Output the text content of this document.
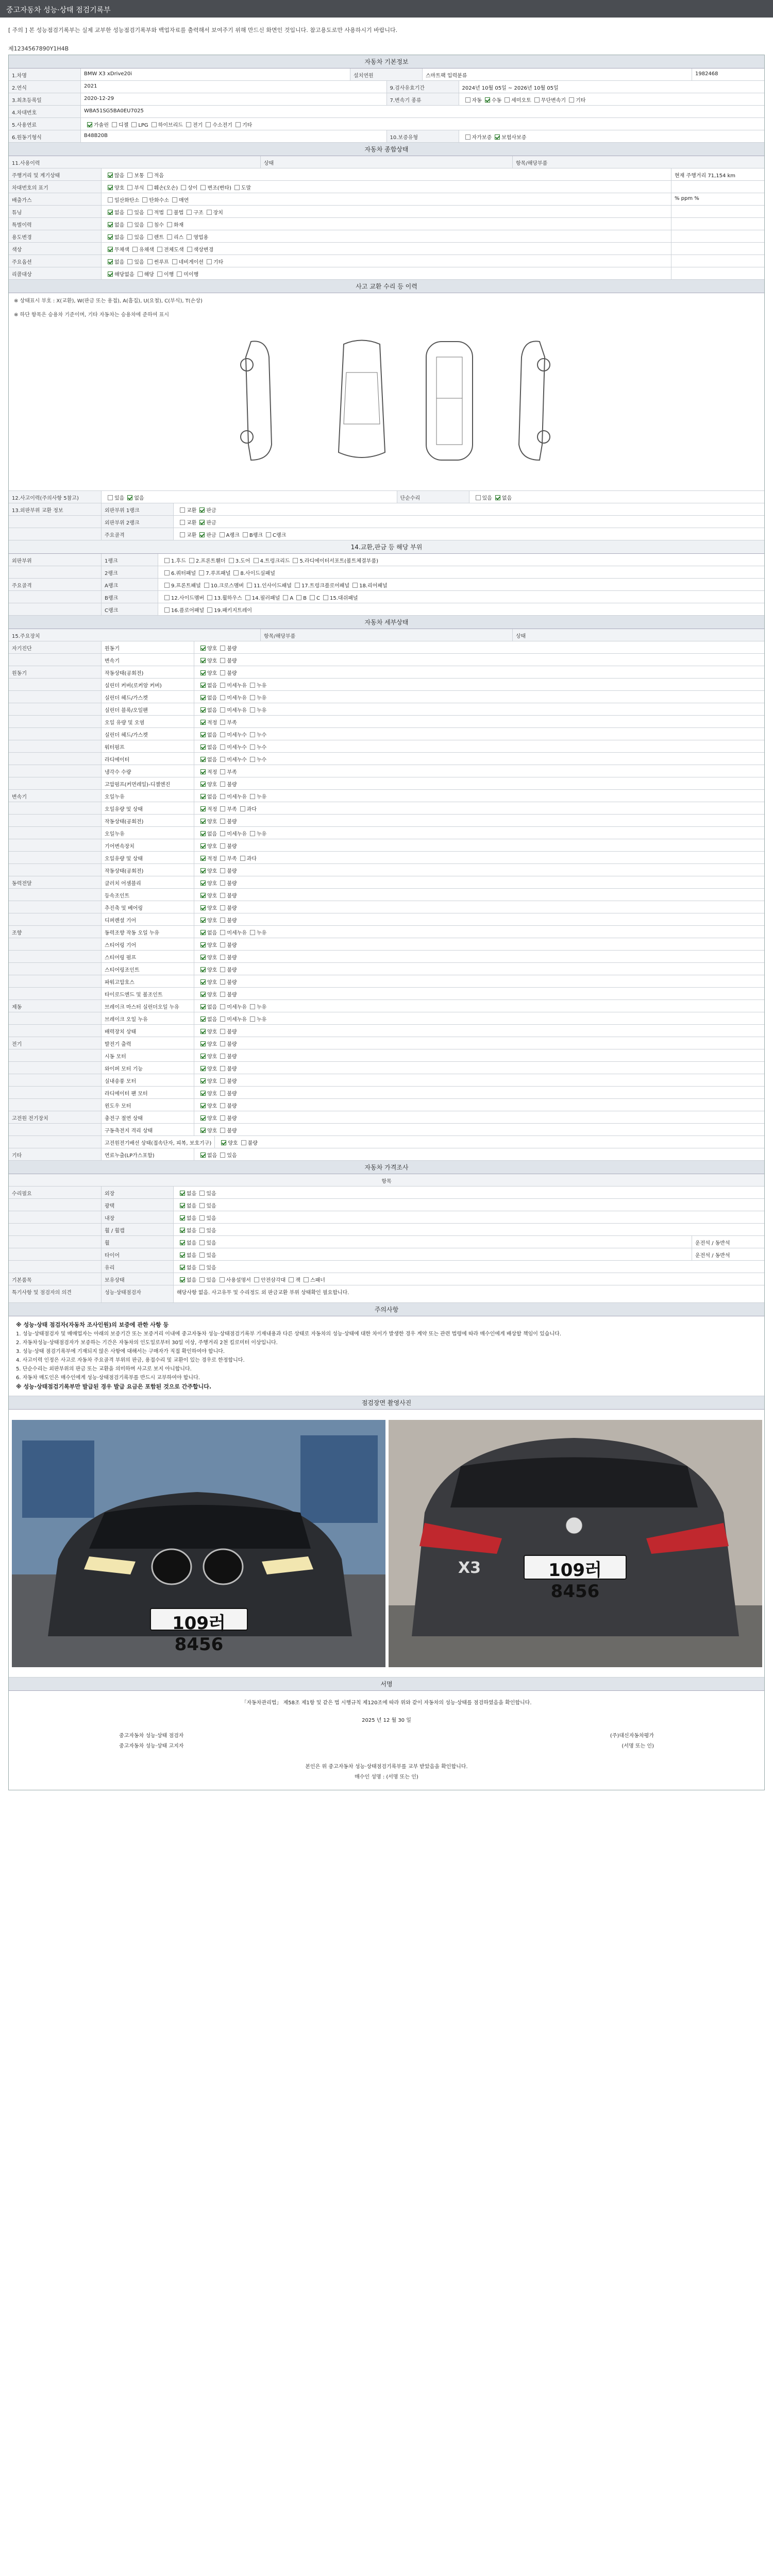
중고자동차 성능·상태 점검기록부
[ 주의 ] 본 성능점검기록부는 실제 교부한 성능점검기록부와 백업자료를 출력해서 보여주기 위해 만드신 화면인 것입니다. 참고용도로만 사용하시기 바랍니다.
제1234567890Y1H4B
자동차 기본정보
1.차명	BMW X3 xDrive20i	설치연원	스마트팩 입력분류	1982468
2.연식	2021	9.검사유효기간	2024년 10월 05일 ~ 2026년 10월 05일
3.최초등록일	2020-12-29	7.변속기 종류	자동 수동 세미오토 무단변속기 기타
4.차대번호	WBA51SG5BA0EU7025
5.사용연료	가솔린 디젤 LPG 하이브리드 전기 수소전기 기타
6.원동기형식	B48B20B	10.보증유형	자가보증 보험사보증
자동차 종합상태
11.사용이력	상태	항목/해당부품
주행거리 및 계기상태	많음 보통 적음	현재 주행거리 71,154 km
차대번호의 표기	양호 부식 훼손(오손) 상이 변조(변타) 도말
배출가스	일산화탄소 탄화수소 매연	% ppm %
튜닝	없음 있음 적법 불법 구조 장치
특별이력	없음 있음 침수 화재
용도변경	없음 있음 렌트 리스 영업용
색상	무채색 유채색 전체도색 색상변경
주요옵션	없음 있음 썬루프 네비게이션 기타
리콜대상	해당없음 해당 이행 미이행
사고 교환 수리 등 이력
※ 상태표시 부호 : X(교환), W(판금 또는 용접), A(흠집), U(요철), C(부식), T(손상)
※ 하단 항목은 승용차 기준이며, 기타 자동차는 승용차에 준하여 표시
12.사고이력(주의사항 5참고)	있음 없음	단순수리	있음 없음
13.외판부위 교환 정보	외판부위 1랭크	교환 판금
외판부위 2랭크	교환 판금
주요골격	교환 판금 A랭크 B랭크 C랭크
14.교환,판금 등 해당 부위
외판부위	1랭크	1.후드 2.프론트휀더 3.도어 4.트렁크리드 5.라디에이터서포트(볼트체결부품)
2랭크	6.쿼터패널 7.루프패널 8.사이드실패널
주요골격	A랭크	9.프론트패널 10.크로스멤버 11.인사이드패널 17.트렁크플로어패널 18.리어패널
B랭크	12.사이드멤버 13.휠하우스 14.필러패널 A B C 15.대쉬패널
C랭크	16.플로어패널 19.패키지트레이
자동차 세부상태
15.주요장치	항목/해당부품	상태
자기진단	원동기	양호 불량
변속기	양호 불량
원동기	작동상태(공회전)	양호 불량
실린더 커버(로커암 커버)	없음 미세누유 누유
실린더 헤드/가스켓	없음 미세누유 누유
실린더 블록/오일팬	없음 미세누유 누유
오일 유량 및 오염	적정 부족
실린더 헤드/가스켓	없음 미세누수 누수
워터펌프	없음 미세누수 누수
라디에이터	없음 미세누수 누수
냉각수 수량	적정 부족
고압펌프(커먼레일)-디젤엔진	양호 불량
변속기	오일누유	없음 미세누유 누유
오일유량 및 상태	적정 부족 과다
작동상태(공회전)	양호 불량
오일누유	없음 미세누유 누유
기어변속장치	양호 불량
오일유량 및 상태	적정 부족 과다
작동상태(공회전)	양호 불량
동력전달	클러치 어셈블리	양호 불량
등속조인트	양호 불량
추진축 및 베어링	양호 불량
디퍼렌셜 기어	양호 불량
조향	동력조향 작동 오일 누유	없음 미세누유 누유
스티어링 기어	양호 불량
스티어링 펌프	양호 불량
스티어링조인트	양호 불량
파워고압호스	양호 불량
타이로드엔드 및 볼조인트	양호 불량
제동	브레이크 마스터 실린더오일 누유	없음 미세누유 누유
브레이크 오일 누유	없음 미세누유 누유
배력장치 상태	양호 불량
전기	발전기 출력	양호 불량
시동 모터	양호 불량
와이퍼 모터 기능	양호 불량
실내송풍 모터	양호 불량
라디에이터 팬 모터	양호 불량
윈도우 모터	양호 불량
고전원 전기장치	충전구 절연 상태	양호 불량
구동축전지 격리 상태	양호 불량
고전원전기배선 상태(접속단자, 피복, 보호기구)	양호 불량
기타	연료누출(LP가스포함)	없음 있음
자동차 가격조사
항목
수리필요	외장	없음 있음
광택	없음 있음
내장	없음 있음
휠 / 휠캡	없음 있음
휠	없음 있음	운전석 / 동반석
타이어	없음 있음	운전석 / 동반석
유리	없음 있음
기본품목	보유상태	없음 있음 사용설명서 안전삼각대 잭 스패너
특기사항 및 점검자의 의견	성능·상태점검자	해당사항 없음. 사고유무 및 수리정도 외 판금교환 부위 상태확인 필요합니다.
주의사항
※ 성능·상태 점검자(자동차 조사인원)의 보증에 관한 사항 등
1. 성능·상태점검자 및 매매업자는 아래의 보증기간 또는 보증거리 이내에 중고자동차 성능·상태점검기록부 기재내용과 다른 상태로 자동차의 성능·상태에 대한 차이가 발생한 경우 계약 또는 관련 법령에 따라 매수인에게 배상할 책임이 있습니다.
2. 자동차성능·상태점검자가 보증하는 기간은 자동차의 인도일로부터 30일 이상, 주행거리 2천 킬로미터 이상입니다.
3. 성능·상태 점검기록부에 기재되지 않은 사항에 대해서는 구매자가 직접 확인하여야 합니다.
4. 사고이력 인정은 사고로 자동차 주요골격 부위의 판금, 용접수리 및 교환이 있는 경우로 한정합니다.
5. 단순수리는 외판부위의 판금 또는 교환을 의미하며 사고로 보지 아니합니다.
6. 자동차 매도인은 매수인에게 성능·상태점검기록부를 반드시 교부하여야 합니다.
※ 성능·상태점검기록부만 발급된 경우 발급 요금은 포함된 것으로 간주합니다.
점검장면 촬영사진
109러 8456
109러 8456
X3
서명
「자동차관리법」 제58조 제1항 및 같은 법 시행규칙 제120조에 따라 위와 같이 자동차의 성능·상태를 점검하였음을 확인합니다.
2025 년 12 월 30 일
중고자동차 성능·상태 점검자	(주)대신자동차평가
중고자동차 성능·상태 고지자	(서명 또는 인)
본인은 위 중고자동차 성능·상태점검기록부를 교부 받았음을 확인합니다.
매수인 성명 : (서명 또는 인)
